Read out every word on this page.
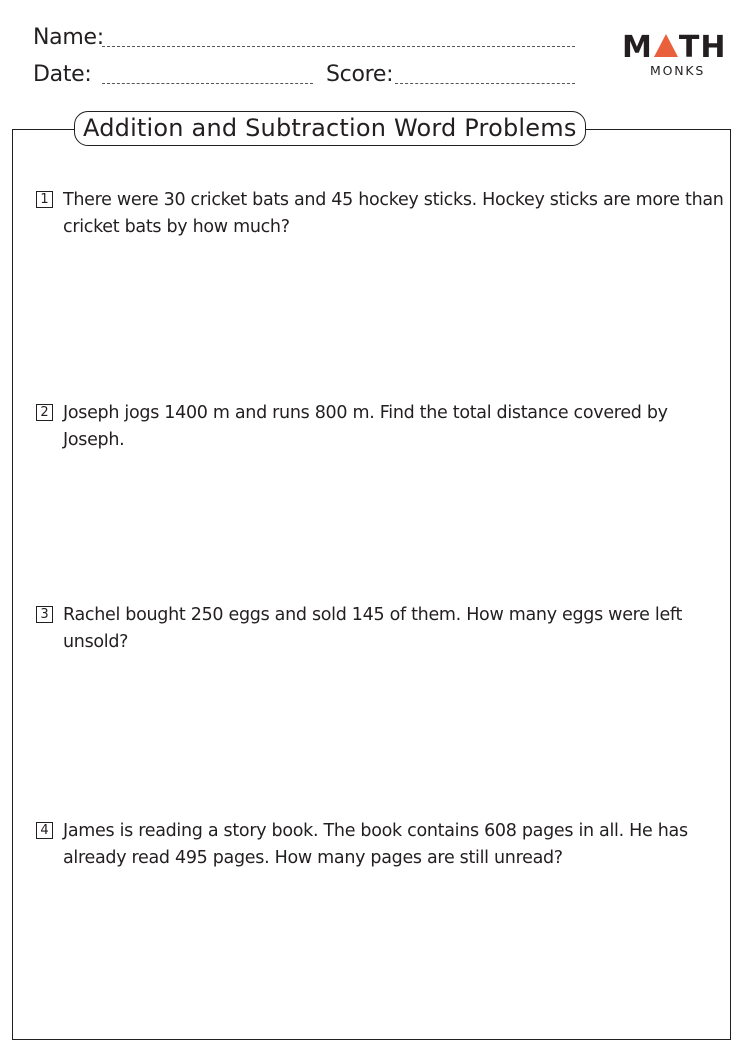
Name:
Date:	Score:
M TH
MONKS
Addition and Subtraction Word Problems
1 There were 30 cricket bats and 45 hockey sticks. Hockey sticks are more than cricket bats by how much?
2 Joseph jogs 1400 m and runs 800 m. Find the total distance covered by Joseph.
3 Rachel bought 250 eggs and sold 145 of them. How many eggs were left unsold?
4 James is reading a story book. The book contains 608 pages in all. He has already read 495 pages. How many pages are still unread?
